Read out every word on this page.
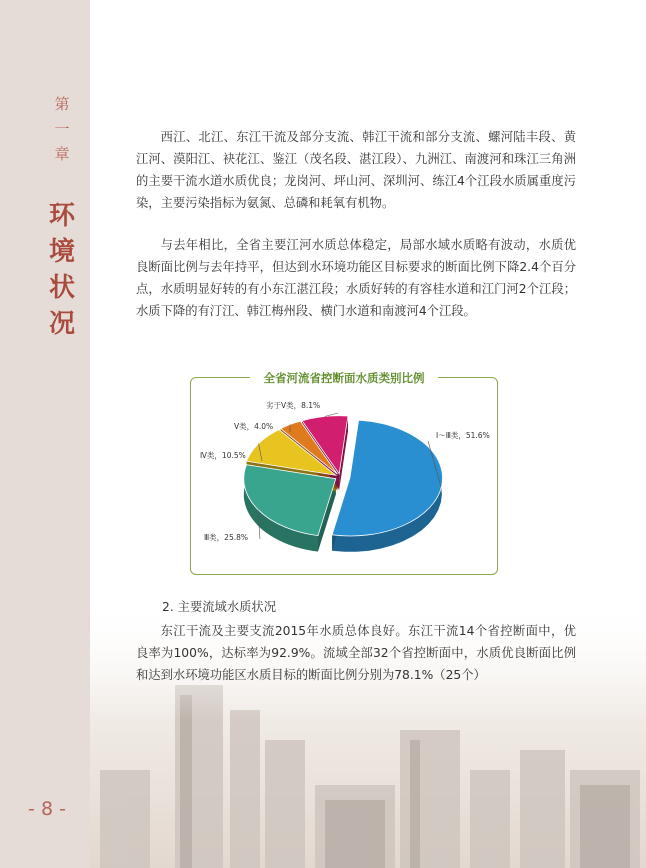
第
一
章
环
境
状
况
- 8 -

西江、北江、东江干流及部分支流、韩江干流和部分支流、螺河陆丰段、黄江河、漠阳江、袂花江、鉴江（茂名段、湛江段）、九洲江、南渡河和珠江三角洲的主要干流水道水质优良；龙岗河、坪山河、深圳河、练江4个江段水质属重度污染，主要污染指标为氨氮、总磷和耗氧有机物。

与去年相比，全省主要江河水质总体稳定，局部水域水质略有波动，水质优良断面比例与去年持平，但达到水环境功能区目标要求的断面比例下降2.4个百分点，水质明显好转的有小东江湛江段；水质好转的有容桂水道和江门河2个江段；水质下降的有汀江、韩江梅州段、横门水道和南渡河4个江段。

全省河流省控断面水质类别比例
Ⅰ～Ⅲ类，51.6%
Ⅲ类，25.8%
Ⅳ类，10.5%
Ⅴ类，4.0%
劣于Ⅴ类，8.1%
2. 主要流域水质状况

东江干流及主要支流2015年水质总体良好。东江干流14个省控断面中，优良率为100%，达标率为92.9%。流域全部32个省控断面中，水质优良断面比例和达到水环境功能区水质目标的断面比例分别为78.1%（25个）
